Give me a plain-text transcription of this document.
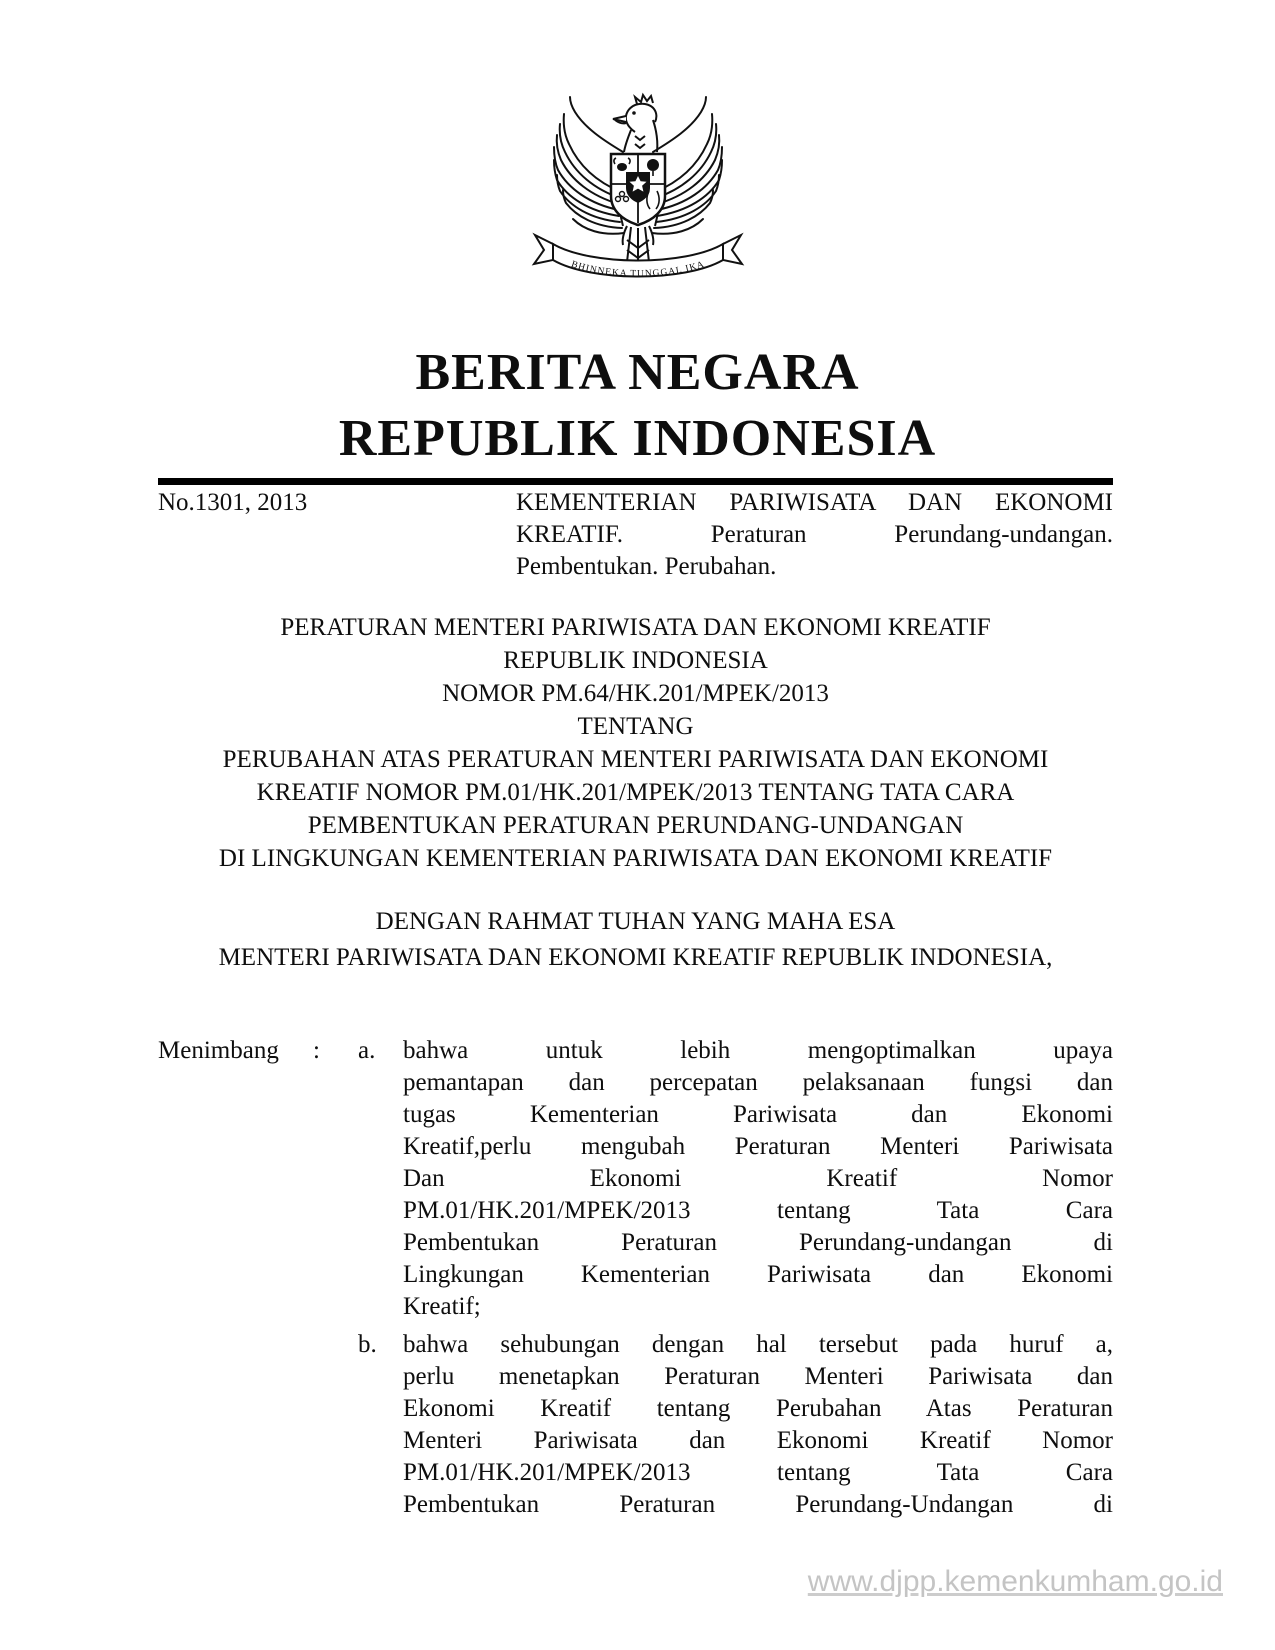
BHINNEKA TUNGGAL IKA
BERITA NEGARA
REPUBLIK INDONESIA
No.1301, 2013	KEMENTERIAN PARIWISATA DAN EKONOMI
KREATIF. Peraturan Perundang-undangan.
Pembentukan. Perubahan.
PERATURAN MENTERI PARIWISATA DAN EKONOMI KREATIF
REPUBLIK INDONESIA
NOMOR PM.64/HK.201/MPEK/2013
TENTANG
PERUBAHAN ATAS PERATURAN MENTERI PARIWISATA DAN EKONOMI
KREATIF NOMOR PM.01/HK.201/MPEK/2013 TENTANG TATA CARA
PEMBENTUKAN PERATURAN PERUNDANG-UNDANGAN
DI LINGKUNGAN KEMENTERIAN PARIWISATA DAN EKONOMI KREATIF
DENGAN RAHMAT TUHAN YANG MAHA ESA
MENTERI PARIWISATA DAN EKONOMI KREATIF REPUBLIK INDONESIA,
Menimbang	:	a.	bahwa untuk lebih mengoptimalkan upaya
pemantapan dan percepatan pelaksanaan fungsi dan
tugas Kementerian Pariwisata dan Ekonomi
Kreatif,perlu mengubah Peraturan Menteri Pariwisata
Dan Ekonomi Kreatif Nomor
PM.01/HK.201/MPEK/2013 tentang Tata Cara
Pembentukan Peraturan Perundang-undangan di
Lingkungan Kementerian Pariwisata dan Ekonomi
Kreatif;
b.	bahwa sehubungan dengan hal tersebut pada huruf a,
perlu menetapkan Peraturan Menteri Pariwisata dan
Ekonomi Kreatif tentang Perubahan Atas Peraturan
Menteri Pariwisata dan Ekonomi Kreatif Nomor
PM.01/HK.201/MPEK/2013 tentang Tata Cara
Pembentukan Peraturan Perundang-Undangan di
www.djpp.kemenkumham.go.id
